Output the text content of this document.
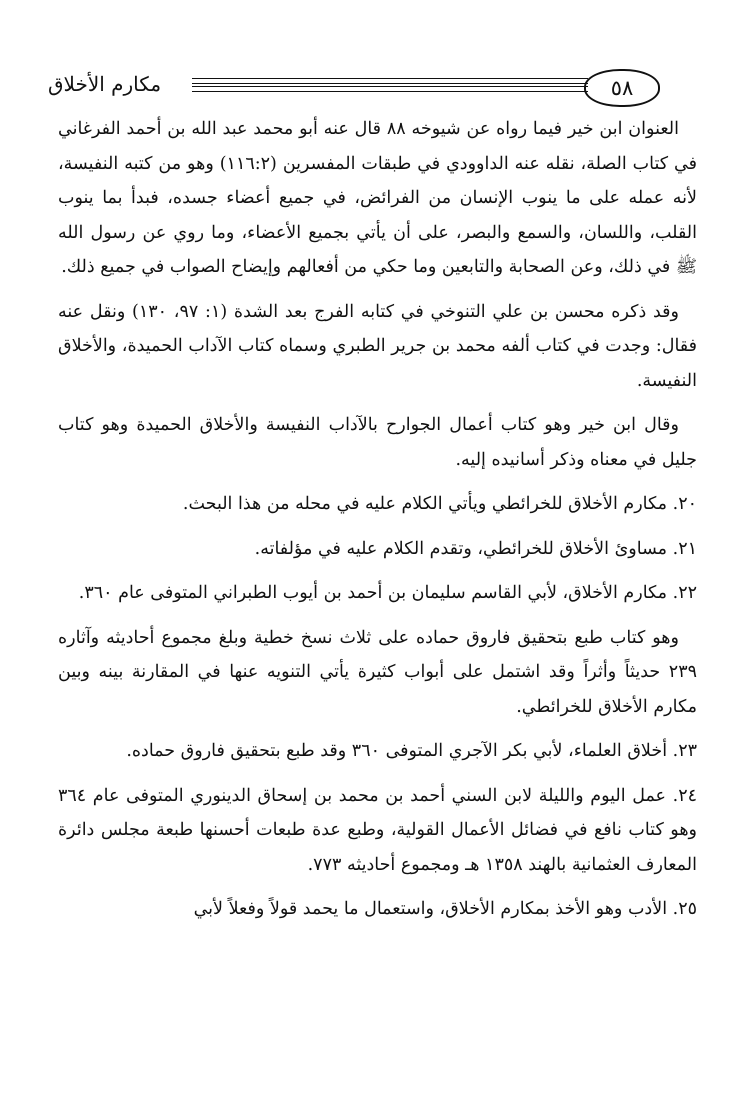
مكارم الأخلاق	٥٨

العنوان ابن خير فيما رواه عن شيوخه ٨٨ قال عنه أبو محمد عبد الله بن أحمد الفرغاني في كتاب الصلة، نقله عنه الداوودي في طبقات المفسرين (١١٦:٢) وهو من كتبه النفيسة، لأنه عمله على ما ينوب الإنسان من الفرائض، في جميع أعضاء جسده، فبدأ بما ينوب القلب، واللسان، والسمع والبصر، على أن يأتي بجميع الأعضاء، وما روي عن رسول الله ﷺ في ذلك، وعن الصحابة والتابعين وما حكي من أفعالهم وإيضاح الصواب في جميع ذلك.

وقد ذكره محسن بن علي التنوخي في كتابه الفرج بعد الشدة (١: ٩٧، ١٣٠) ونقل عنه فقال: وجدت في كتاب ألفه محمد بن جرير الطبري وسماه كتاب الآداب الحميدة، والأخلاق النفيسة.

وقال ابن خير وهو كتاب أعمال الجوارح بالآداب النفيسة والأخلاق الحميدة وهو كتاب جليل في معناه وذكر أسانيده إليه.

٢٠. مكارم الأخلاق للخرائطي ويأتي الكلام عليه في محله من هذا البحث.

٢١. مساوئ الأخلاق للخرائطي، وتقدم الكلام عليه في مؤلفاته.

٢٢. مكارم الأخلاق، لأبي القاسم سليمان بن أحمد بن أيوب الطبراني المتوفى عام ٣٦٠.

وهو كتاب طبع بتحقيق فاروق حماده على ثلاث نسخ خطية وبلغ مجموع أحاديثه وآثاره ٢٣٩ حديثاً وأثراً وقد اشتمل على أبواب كثيرة يأتي التنويه عنها في المقارنة بينه وبين مكارم الأخلاق للخرائطي.

٢٣. أخلاق العلماء، لأبي بكر الآجري المتوفى ٣٦٠ وقد طبع بتحقيق فاروق حماده.

٢٤. عمل اليوم والليلة لابن السني أحمد بن محمد بن إسحاق الدينوري المتوفى عام ٣٦٤ وهو كتاب نافع في فضائل الأعمال القولية، وطبع عدة طبعات أحسنها طبعة مجلس دائرة المعارف العثمانية بالهند ١٣٥٨ هـ ومجموع أحاديثه ٧٧٣.

٢٥. الأدب وهو الأخذ بمكارم الأخلاق، واستعمال ما يحمد قولاً وفعلاً لأبي
